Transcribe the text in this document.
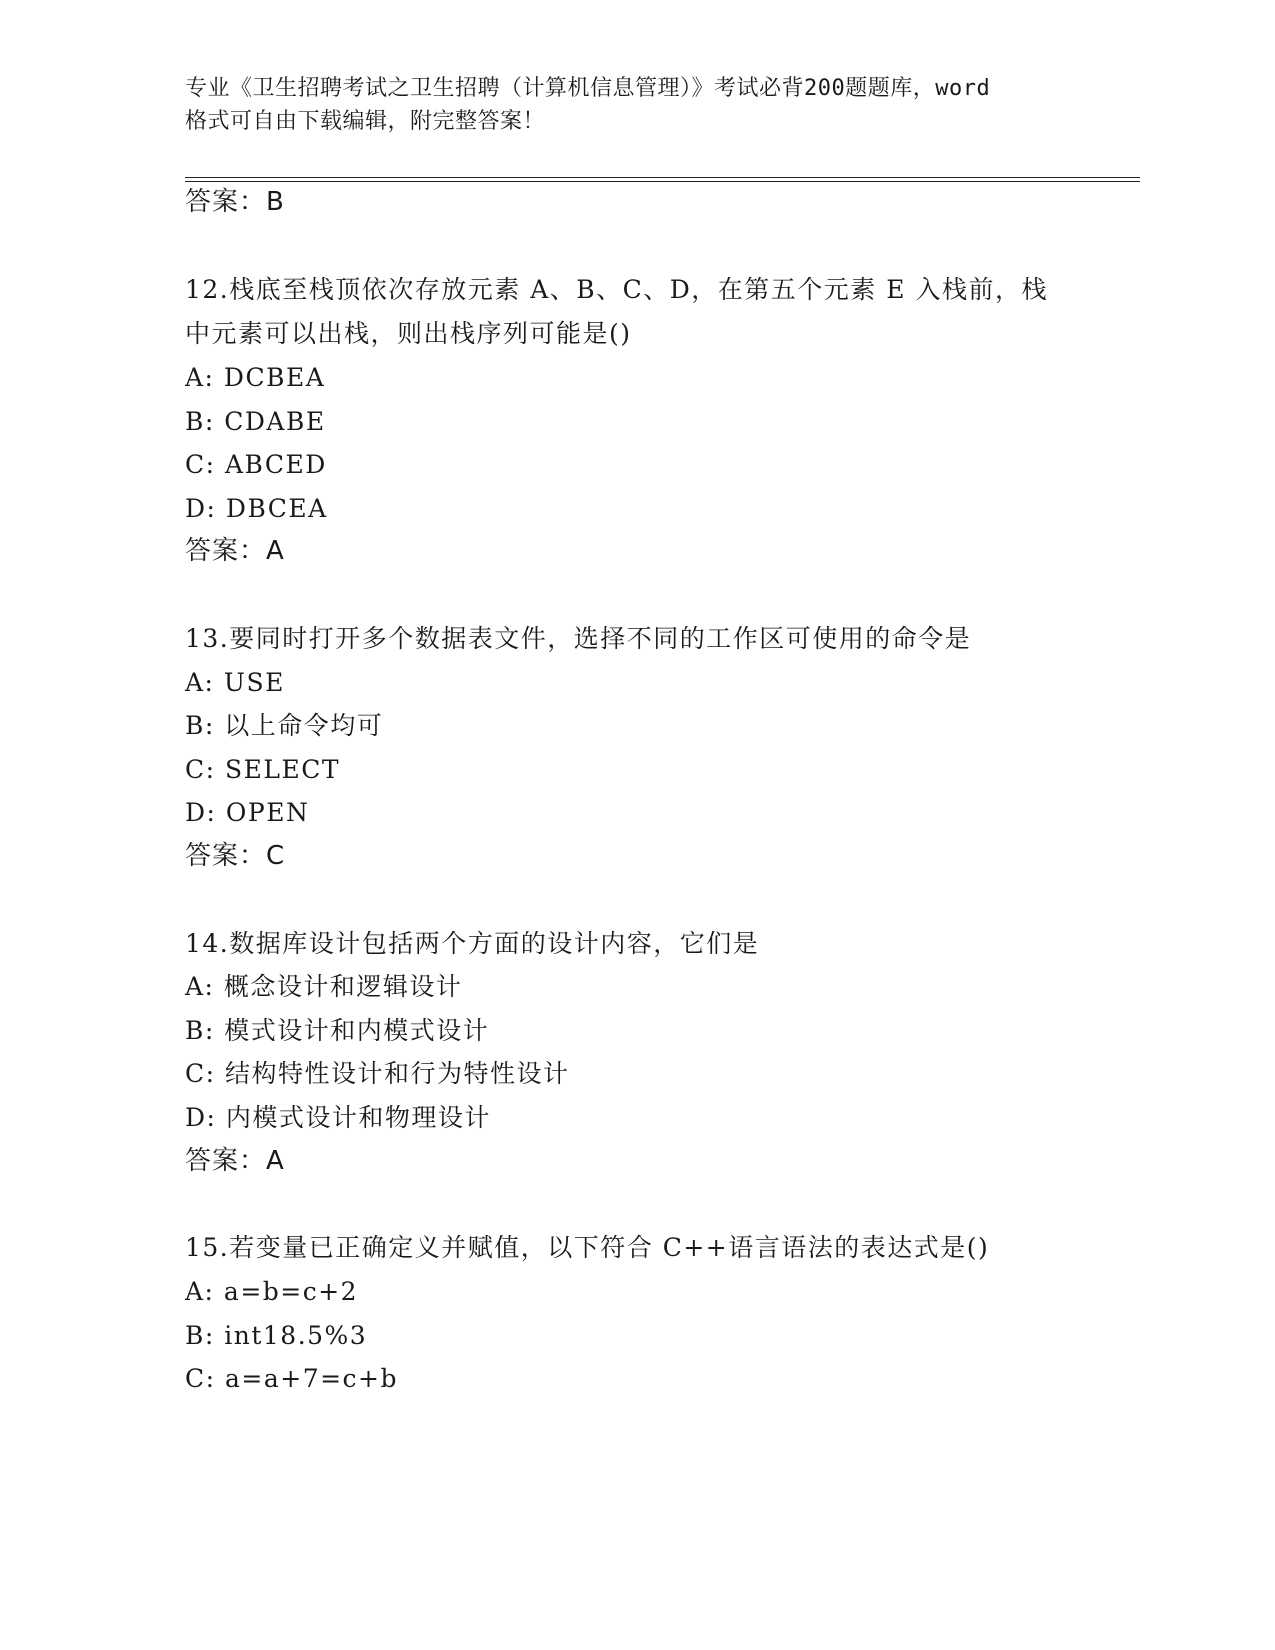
专业《卫生招聘考试之卫生招聘（计算机信息管理）》考试必背200题题库，word
格式可自由下载编辑，附完整答案！
答案：B
12.栈底至栈顶依次存放元素 A、B、C、D，在第五个元素 E 入栈前，栈
中元素可以出栈，则出栈序列可能是()
A: DCBEA
B: CDABE
C: ABCED
D: DBCEA
答案：A
13.要同时打开多个数据表文件，选择不同的工作区可使用的命令是
A: USE
B: 以上命令均可
C: SELECT
D: OPEN
答案：C
14.数据库设计包括两个方面的设计内容，它们是
A: 概念设计和逻辑设计
B: 模式设计和内模式设计
C: 结构特性设计和行为特性设计
D: 内模式设计和物理设计
答案：A
15.若变量已正确定义并赋值，以下符合 C++语言语法的表达式是()
A: a=b=c+2
B: int18.5%3
C: a=a+7=c+b
